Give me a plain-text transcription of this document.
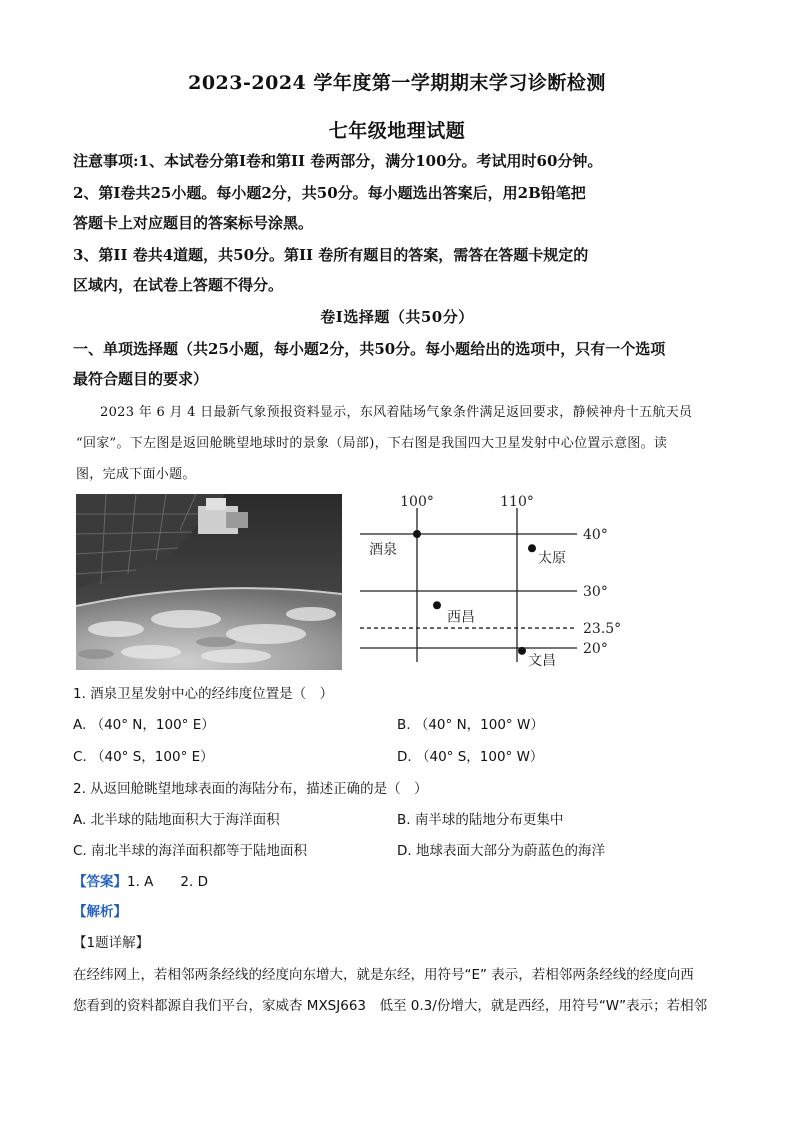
2023-2024 学年度第一学期期末学习诊断检测
七年级地理试题
注意事项:1、本试卷分第Ⅰ卷和第II 卷两部分，满分100分。考试用时60分钟。
2、第Ⅰ卷共25小题。每小题2分，共50分。每小题选出答案后，用2B铅笔把
答题卡上对应题目的答案标号涂黑。
3、第II 卷共4道题，共50分。第II 卷所有题目的答案，需答在答题卡规定的
区域内，在试卷上答题不得分。
卷Ⅰ选择题（共50分）
一、单项选择题（共25小题，每小题2分，共50分。每小题给出的选项中，只有一个选项
最符合题目的要求）
2023 年 6 月 4 日最新气象预报资料显示，东风着陆场气象条件满足返回要求，静候神舟十五航天员
“回家”。下左图是返回舱眺望地球时的景象（局部)，下右图是我国四大卫星发射中心位置示意图。读
图，完成下面小题。
100°	110°
40°
30°
23.5°
20°
酒泉
太原
西昌
文昌
1. 酒泉卫星发射中心的经纬度位置是（　）
A. （40° N，100° E）	B. （40° N，100° W）
C. （40° S，100° E）	D. （40° S，100° W）
2. 从返回舱眺望地球表面的海陆分布，描述正确的是（　）
A. 北半球的陆地面积大于海洋面积	B. 南半球的陆地分布更集中
C. 南北半球的海洋面积都等于陆地面积	D. 地球表面大部分为蔚蓝色的海洋
【答案】1. A　　2. D
【解析】
【1题详解】
在经纬网上，若相邻两条经线的经度向东增大，就是东经，用符号“E” 表示，若相邻两条经线的经度向西
您看到的资料都源自我们平台，家威杏 MXSJ663　低至 0.3/份增大，就是西经，用符号“W”表示；若相邻
